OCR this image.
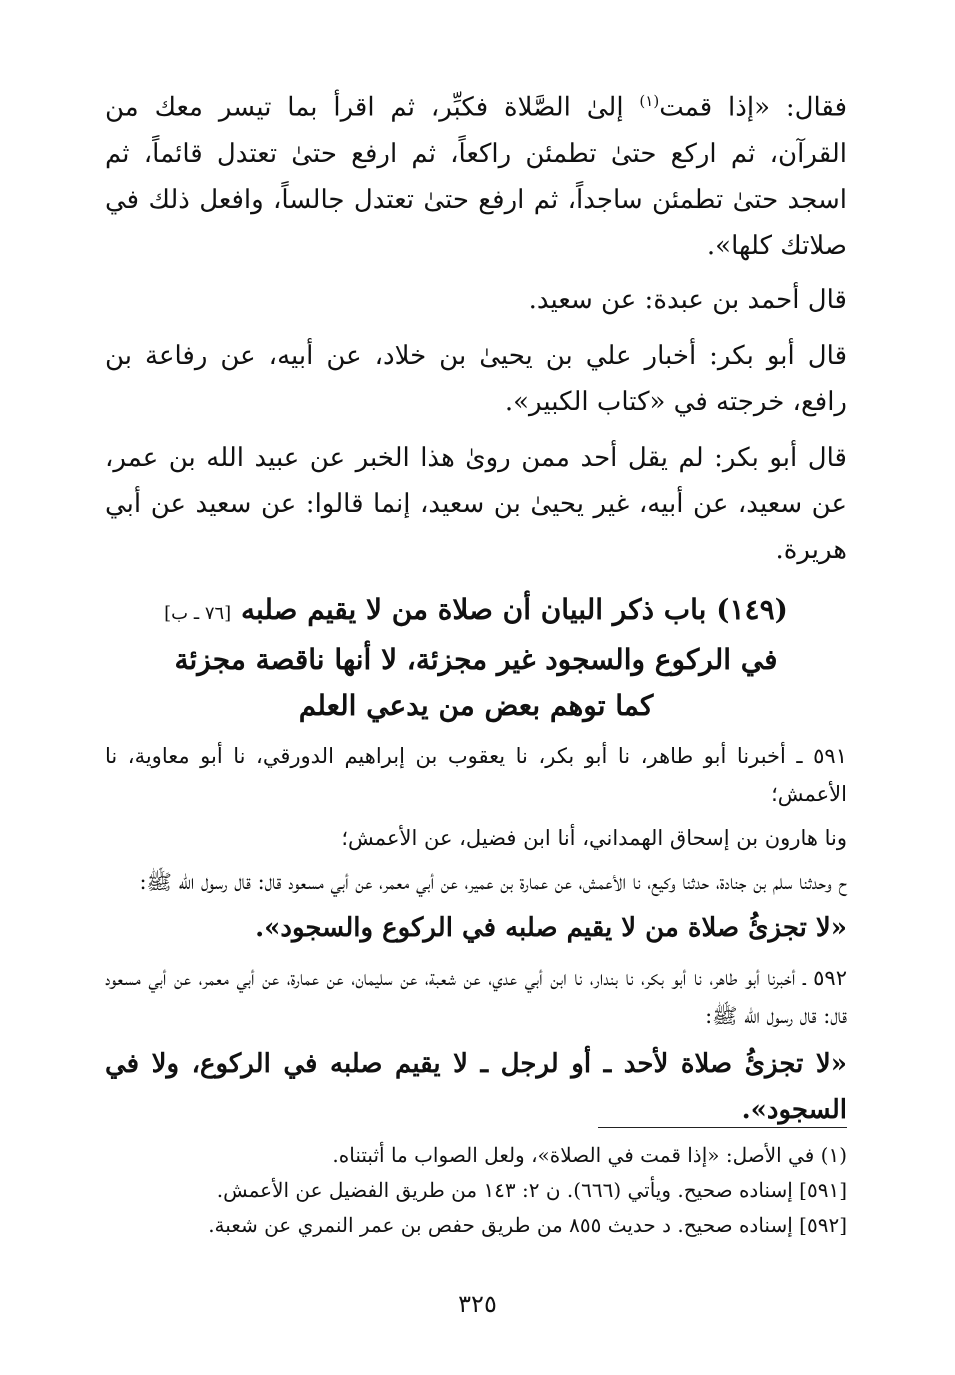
فقال: «إذا قمت$^{(١)}$ إلىٰ الصَّلاة فكبِّر، ثم اقرأ بما تيسر معك من القرآن، ثم اركع حتىٰ تطمئن راكعاً، ثم ارفع حتىٰ تعتدل قائماً، ثم اسجد حتىٰ تطمئن ساجداً، ثم ارفع حتىٰ تعتدل جالساً، وافعل ذلك في صلاتك كلها».

قال أحمد بن عبدة: عن سعيد.

قال أبو بكر: أخبار علي بن يحيىٰ بن خلاد، عن أبيه، عن رفاعة بن رافع، خرجته في «كتاب الكبير».

قال أبو بكر: لم يقل أحد ممن روىٰ هذا الخبر عن عبيد الله بن عمر، عن سعيد، عن أبيه، غير يحيىٰ بن سعيد، إنما قالوا: عن سعيد عن أبي هريرة.

(١٤٩) باب ذكر البيان أن صلاة من لا يقيم صلبه [٧٦ ـ ب]
في الركوع والسجود غير مجزئة، لا أنها ناقصة مجزئة
كما توهم بعض من يدعي العلم

٥٩١ ـ أخبرنا أبو طاهر، نا أبو بكر، نا يعقوب بن إبراهيم الدورقي، نا أبو معاوية، نا الأعمش؛

ونا هارون بن إسحاق الهمداني، أنا ابن فضيل، عن الأعمش؛

ح وحدثنا سلم بن جنادة، حدثنا وكيع، نا الأعمش، عن عمارة بن عمير، عن أبي معمر، عن أبي مسعود قال: قال رسول الله ﷺ:

«لا تجزئُ صلاة من لا يقيم صلبه في الركوع والسجود».

٥٩٢ ـ أخبرنا أبو طاهر، نا أبو بكر، نا بندار، نا ابن أبي عدي، عن شعبة، عن سليمان، عن عمارة، عن أبي معمر، عن أبي مسعود قال: قال رسول الله ﷺ:

«لا تجزئُ صلاة لأحد ـ أو لرجل ـ لا يقيم صلبه في الركوع، ولا في السجود».

(١) في الأصل: «إذا قمت في الصلاة»، ولعل الصواب ما أثبتناه.

[٥٩١] إسناده صحيح. ويأتي (٦٦٦). ن ٢: ١٤٣ من طريق الفضيل عن الأعمش.

[٥٩٢] إسناده صحيح. د حديث ٨٥٥ من طريق حفص بن عمر النمري عن شعبة.

٣٢٥
